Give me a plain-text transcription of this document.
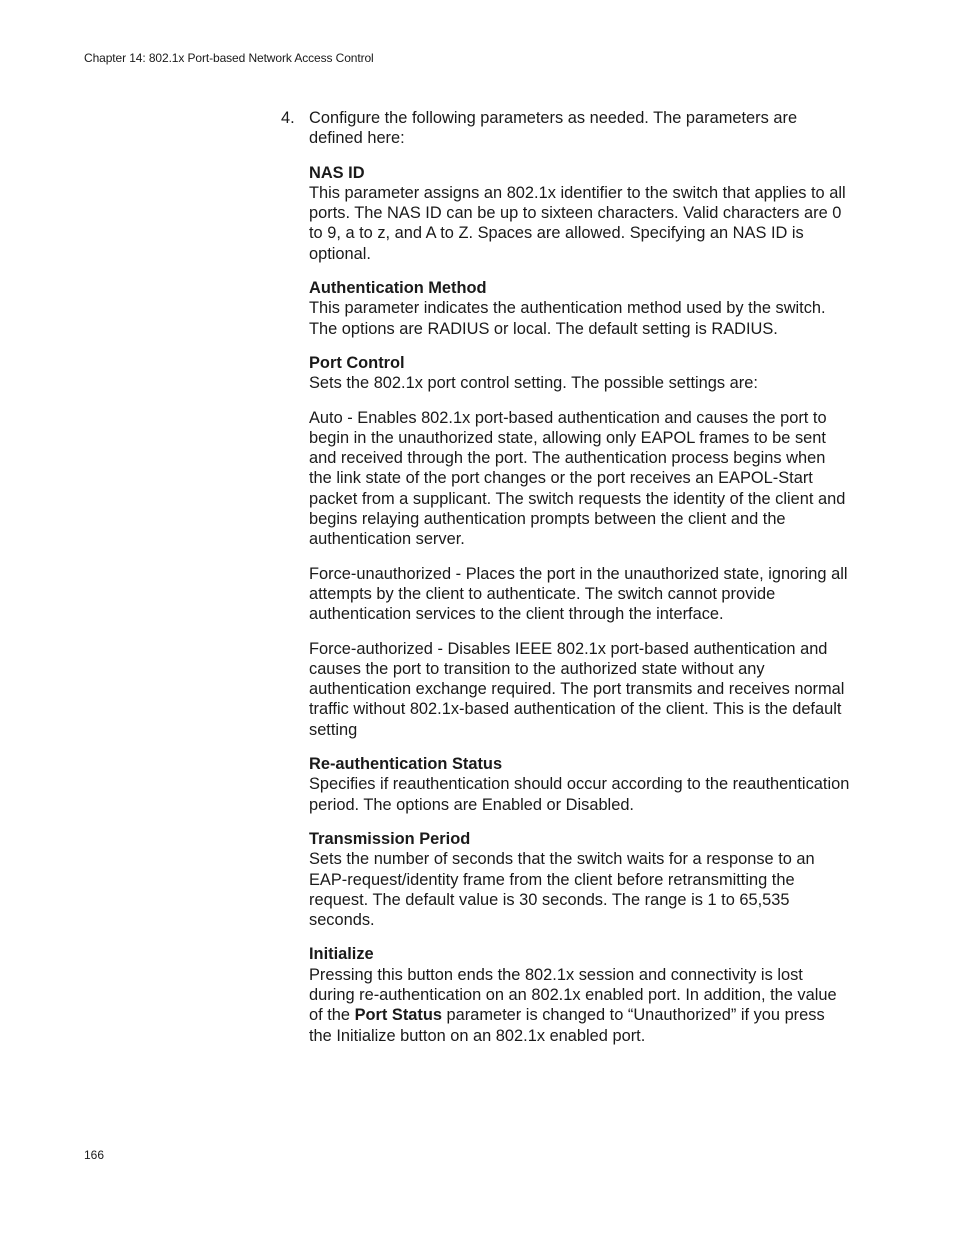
Chapter 14: 802.1x Port-based Network Access Control
4. Configure the following parameters as needed. The parameters are defined here:

NAS ID

This parameter assigns an 802.1x identifier to the switch that applies to all ports. The NAS ID can be up to sixteen characters. Valid characters are 0 to 9, a to z, and A to Z. Spaces are allowed. Specifying an NAS ID is optional.

Authentication Method

This parameter indicates the authentication method used by the switch. The options are RADIUS or local. The default setting is RADIUS.

Port Control

Sets the 802.1x port control setting. The possible settings are:

Auto - Enables 802.1x port-based authentication and causes the port to begin in the unauthorized state, allowing only EAPOL frames to be sent and received through the port. The authentication process begins when the link state of the port changes or the port receives an EAPOL-Start packet from a supplicant. The switch requests the identity of the client and begins relaying authentication prompts between the client and the authentication server.

Force-unauthorized - Places the port in the unauthorized state, ignoring all attempts by the client to authenticate. The switch cannot provide authentication services to the client through the interface.

Force-authorized - Disables IEEE 802.1x port-based authentication and causes the port to transition to the authorized state without any authentication exchange required. The port transmits and receives normal traffic without 802.1x-based authentication of the client. This is the default setting

Re-authentication Status

Specifies if reauthentication should occur according to the reauthentication period. The options are Enabled or Disabled.

Transmission Period

Sets the number of seconds that the switch waits for a response to an EAP-request/identity frame from the client before retransmitting the request. The default value is 30 seconds. The range is 1 to 65,535 seconds.

Initialize

Pressing this button ends the 802.1x session and connectivity is lost during re-authentication on an 802.1x enabled port. In addition, the value of the Port Status parameter is changed to “Unauthorized” if you press the Initialize button on an 802.1x enabled port.

166
